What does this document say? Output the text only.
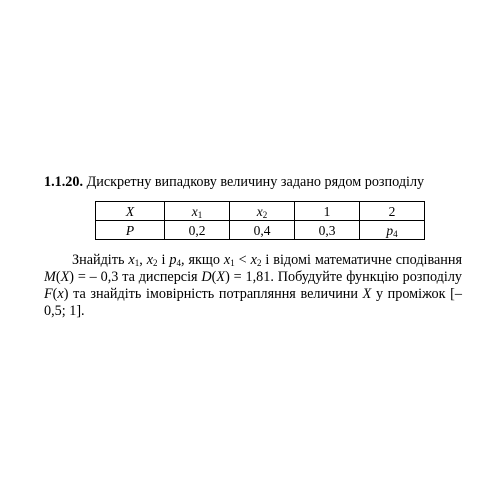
1.1.20. Дискретну випадкову величину задано рядом розподілу

X	$x_1$	$x_2$	1	2
P	0,2	0,4	0,3	$p_4$

Знайдіть $x_1$, $x_2$ і $p_4$, якщо $x_1 < x_2$ і відомі математичне сподівання M(X) = – 0,3 та дисперсія D(X) = 1,81. Побудуйте функцію розподілу F(x) та знайдіть імовірність потрапляння величини X у проміжок [– 0,5; 1].
